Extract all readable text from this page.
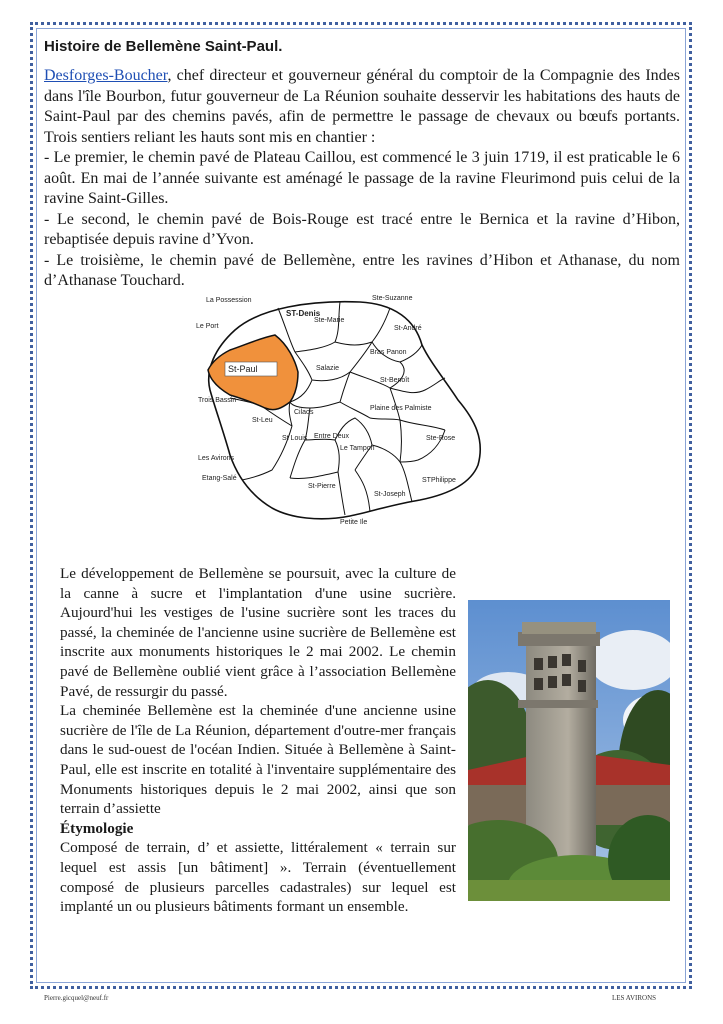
Histoire de Bellemène Saint-Paul.

Desforges-Boucher, chef directeur et gouverneur général du comptoir de la Compagnie des Indes dans l'île Bourbon, futur gouverneur de La Réunion souhaite desservir les habitations des hauts de Saint-Paul par des chemins pavés, afin de permettre le passage de chevaux ou bœufs portants. Trois sentiers reliant les hauts sont mis en chantier :

- Le premier, le chemin pavé de Plateau Caillou, est commencé le 3 juin 1719, il est praticable le 6 août. En mai de l’année suivante est aménagé le passage de la ravine Fleurimond puis celui de la ravine Saint-Gilles.

- Le second, le chemin pavé de Bois-Rouge est tracé entre le Bernica et la ravine d’Hibon, rebaptisée depuis ravine d’Yvon.

- Le troisième, le chemin pavé de Bellemène, entre les ravines d’Hibon et Athanase, du nom d’Athanase Touchard.

St-Paul
La Possession
ST-Denis
Ste-Suzanne
Le Port
Ste-Marie
St-André
Bras Panon
Salazie
St-Benoît
Trois Bassin
Cilaos
Plaine des Palmiste
St-Leu
St Louis Entre Deux
Le Tampon
Ste-Rose
Les Avirons
Etang-Salé
St-Pierre
St-Joseph
STPhilippe
Petite Ile

Le développement de Bellemène se poursuit, avec la culture de la canne à sucre et l'implantation d'une usine sucrière. Aujourd'hui les vestiges de l'usine sucrière sont les traces du passé, la cheminée de l'ancienne usine sucrière de Bellemène est inscrite aux monuments historiques le 2 mai 2002. Le chemin pavé de Bellemène oublié vient grâce à l’association Bellemène Pavé, de ressurgir du passé.

La cheminée Bellemène est la cheminée d'une ancienne usine sucrière de l'île de La Réunion, département d'outre-mer français dans le sud-ouest de l'océan Indien. Située à Bellemène à Saint-Paul, elle est inscrite en totalité à l'inventaire supplémentaire des Monuments historiques depuis le 2 mai 2002, ainsi que son terrain d’assiette

Étymologie

Composé de terrain, d’ et assiette, littéralement « terrain sur lequel est assis [un bâtiment] ». Terrain (éventuellement composé de plusieurs parcelles cadastrales) sur lequel est implanté un ou plusieurs bâtiments formant un ensemble.

Pierre.gicquel@neuf.fr	LES AVIRONS
